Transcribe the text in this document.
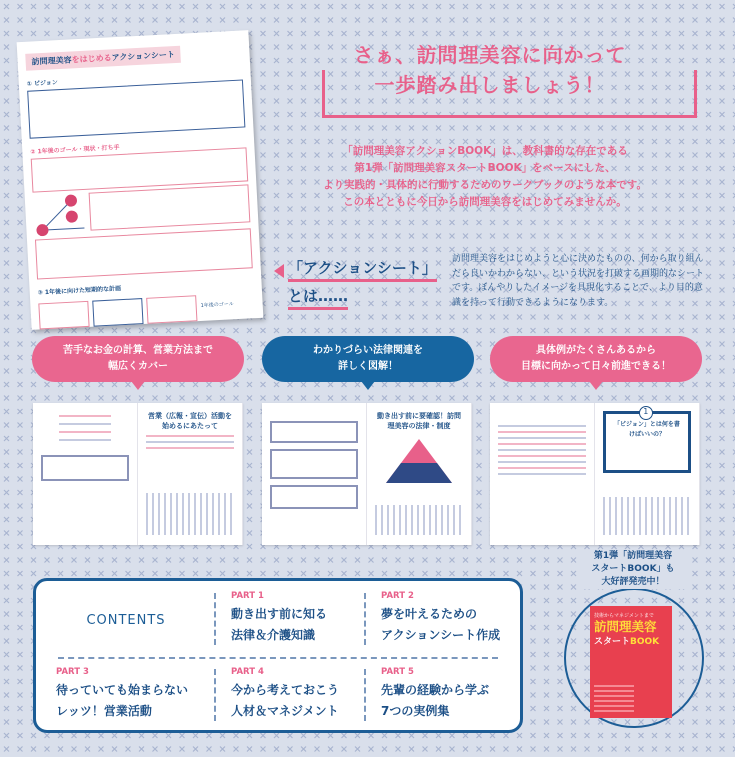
訪問理美容をはじめるアクションシート
① ビジョン
② 1年後のゴール・現状・打ち手
③ 1年後に向けた短期的な計画
1年後のゴール
さぁ、訪問理美容に向かって
一歩踏み出しましょう！
「訪問理美容アクションBOOK」は、教科書的な存在である
第1弾「訪問理美容スタートBOOK」をベースにした、
より実践的・具体的に行動するためのワークブックのような本です。
この本とともに今日から訪問理美容をはじめてみませんか。
「アクションシート」
とは……
訪問理美容をはじめようと心に決めたものの、何から取り組んだら良いかわからない、という状況を打破する画期的なシートです。ぼんやりしたイメージを具現化することで、より目的意識を持って行動できるようになります。
苦手なお金の計算、営業方法まで
幅広くカバー
わかりづらい法律関連を
詳しく図解！
具体例がたくさんあるから
目標に向かって日々前進できる！
営業（広報・宣伝）活動を始めるにあたって
動き出す前に要確認！訪問理美容の法律・制度	「ビジョン」とは何を書けばいいの？
1
CONTENTS
PART 1
動き出す前に知る
法律＆介護知識
PART 2
夢を叶えるための
アクションシート作成
PART 3
待っていても始まらない
レッツ！営業活動
PART 4
今から考えておこう
人材＆マネジメント
PART 5
先輩の経験から学ぶ
7つの実例集
第1弾「訪問理美容
スタートBOOK」も
大好評発売中！
技術からマネジメントまで
訪問理美容
スタートBOOK
